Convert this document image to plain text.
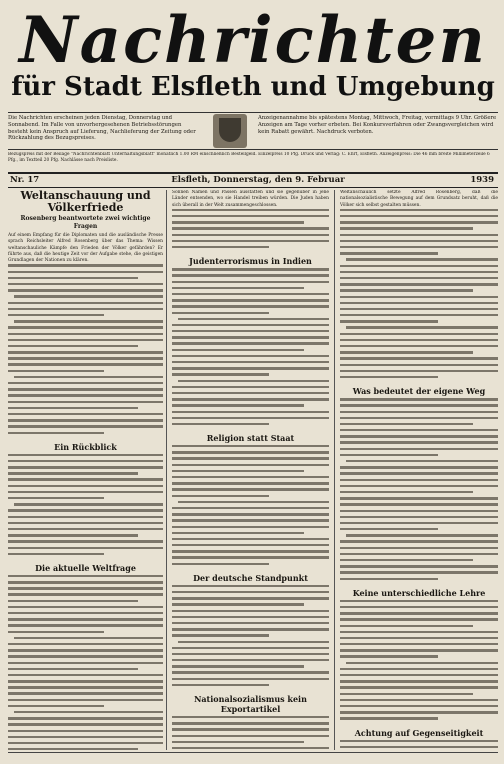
Nachrichten
für Stadt Elsfleth und Umgebung
Die Nachrichten erscheinen jeden Dienstag, Donnerstag und Sonnabend. Im Falle von unvorhergesehenen Betriebsstörungen besteht kein Anspruch auf Lieferung, Nachlieferung der Zeitung oder Rückzahlung des Bezugspreises.
Anzeigenannahme bis spätestens Montag, Mittwoch, Freitag, vormittags 9 Uhr. Größere Anzeigen am Tage vorher erbeten. Bei Konkursverfahren oder Zwangsvergleichen wird kein Rabatt gewährt. Nachdruck verboten.
Bezugspreis mit der Beilage "Nachrichtenblatt Unterhaltungsblatt" monatlich 1.00 RM einschließlich Bestellgeld. Einzelpreis 10 Pfg. Druck und Verlag: C. Ehrt, Elsfleth. Anzeigenpreis: Die 46 mm breite Millimeterzeile 6 Pfg., im Textteil 20 Pfg. Nachlässe nach Preisliste.
Nr. 17	Elsfleth, Donnerstag, den 9. Februar	1939
Weltanschauung und Völkerfriede
Rosenberg beantwortete zwei wichtige Fragen

Auf einem Empfang für die Diplomaten und die ausländische Presse sprach Reichsleiter Alfred Rosenberg über das Thema: Wissen weltanschauliche Kämpfe den Frieden der Völker gefährden? Er führte aus, daß die heutige Zeit vor der Aufgabe stehe, die geistigen Grundlagen der Nationen zu klären.

Ein Rückblick
Die aktuelle Weltfrage

Sonnen Namen und Pässen ausstatten und sie gegenüber in jene Länder entsenden, wo sie Handel treiben würden. Die Juden haben sich überall in der Welt zusammengeschlossen.

Judenterrorismus in Indien
Religion statt Staat
Der deutsche Standpunkt
Nationalsozialismus kein Exportartikel

Weltanschaulich setzte Alfred Rosenberg, daß die nationalsozialistische Bewegung auf dem Grundsatz beruht, daß die Völker sich selbst gestalten müssen.

Was bedeutet der eigene Weg
Keine unterschiedliche Lehre
Achtung auf Gegenseitigkeit
